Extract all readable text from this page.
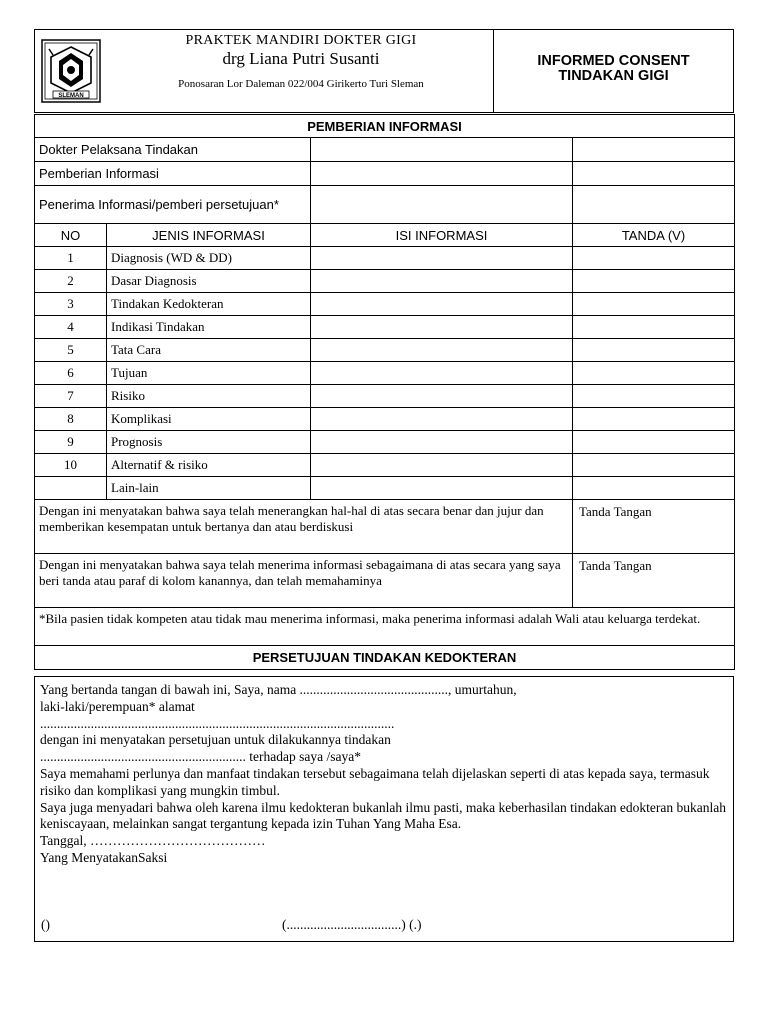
SLEMAN
PRAKTEK MANDIRI DOKTER GIGI
drg Liana Putri Susanti
Ponosaran Lor Daleman 022/004 Girikerto Turi Sleman
INFORMED CONSENT
TINDAKAN GIGI
PEMBERIAN INFORMASI			
Dokter Pelaksana Tindakan			
Pemberian Informasi			
Penerima Informasi/pemberi persetujuan*			
NO	JENIS INFORMASI	ISI INFORMASI	TANDA (V)
1	Diagnosis (WD & DD)		
2	Dasar Diagnosis		
3	Tindakan Kedokteran		
4	Indikasi Tindakan		
5	Tata Cara		
6	Tujuan		
7	Risiko		
8	Komplikasi		
9	Prognosis		
10	Alternatif & risiko		
	Lain-lain		
Dengan ini menyatakan bahwa saya telah menerangkan hal-hal di atas secara benar dan jujur dan memberikan kesempatan untuk bertanya dan atau berdiskusi			Tanda Tangan
Dengan ini menyatakan bahwa saya telah menerima informasi sebagaimana di atas secara yang saya beri tanda atau paraf di kolom kanannya, dan telah memahaminya			Tanda Tangan
*Bila pasien tidak kompeten atau tidak mau menerima informasi, maka penerima informasi adalah Wali atau keluarga terdekat.			
PERSETUJUAN TINDAKAN KEDOKTERAN			

Yang bertanda tangan di bawah ini, Saya, nama ............................................, umurtahun,

laki-laki/perempuan* alamat

.........................................................................................................

dengan ini menyatakan persetujuan untuk dilakukannya tindakan

............................................................. terhadap saya /saya*

Saya memahami perlunya dan manfaat tindakan tersebut sebagaimana telah dijelaskan seperti di atas kepada saya, termasuk risiko dan komplikasi yang mungkin timbul.

Saya juga menyadari bahwa oleh karena ilmu kedokteran bukanlah ilmu pasti, maka keberhasilan tindakan edokteran bukanlah keniscayaan, melainkan sangat tergantung kepada izin Tuhan Yang Maha Esa.

Tanggal, …………………………………

Yang MenyatakanSaksi

()	(..................................) (.)
